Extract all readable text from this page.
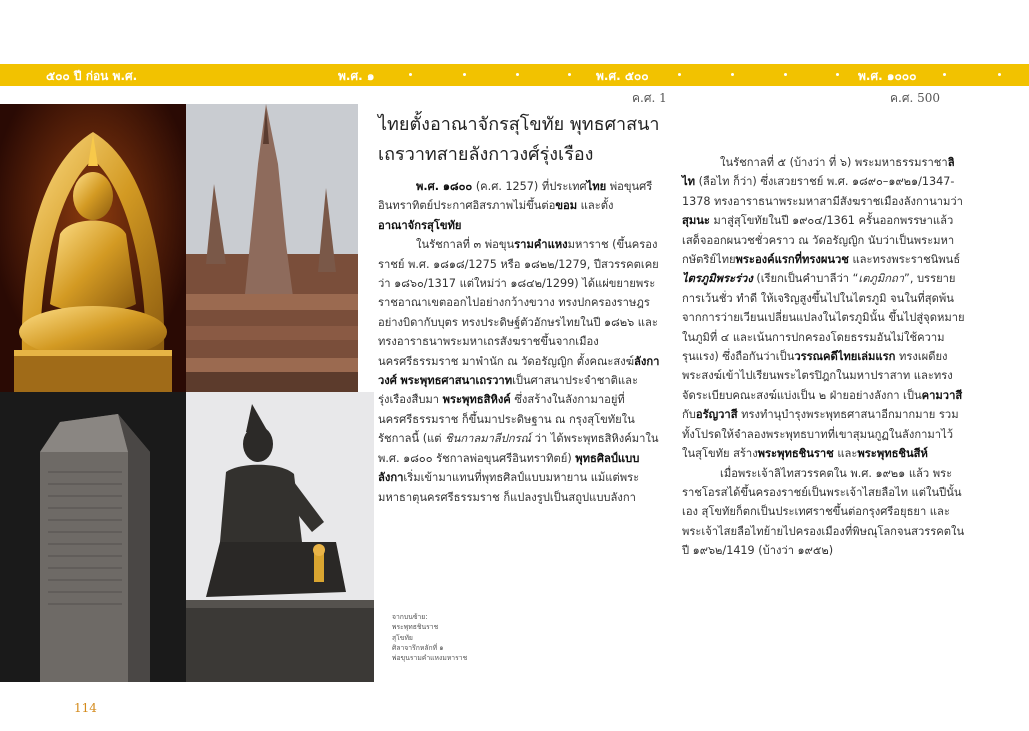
๕๐๐ ปี ก่อน พ.ศ.	พ.ศ. ๑	พ.ศ. ๕๐๐	พ.ศ. ๑๐๐๐
ค.ศ. 1	ค.ศ. 500
ไทยตั้งอาณาจักรสุโขทัย พุทธศาสนา
เถรวาทสายลังกาวงศ์รุ่งเรือง

พ.ศ. ๑๘๐๐ (ค.ศ. 1257) ที่ประเทศไทย พ่อขุนศรีอินทราทิตย์ประกาศอิสรภาพไม่ขึ้นต่อขอม และตั้งอาณาจักรสุโขทัย

ในรัชกาลที่ ๓ พ่อขุนรามคำแหงมหาราช (ขึ้นครองราชย์ พ.ศ. ๑๘๑๘/1275 หรือ ๑๘๒๒/1279, ปีสวรรคตเคยว่า ๑๘๖๐/1317 แต่ใหม่ว่า ๑๘๔๒/1299) ได้แผ่ขยายพระราชอาณาเขตออกไปอย่างกว้างขวาง ทรงปกครองราษฎรอย่างบิดากับบุตร ทรงประดิษฐ์ตัวอักษรไทยในปี ๑๘๒๖ และทรงอาราธนาพระมหาเถรสังฆราชขึ้นจากเมืองนครศรีธรรมราช มาพำนัก ณ วัดอรัญญิก ตั้งคณะสงฆ์ลังกาวงศ์ พระพุทธศาสนาเถรวาทเป็นศาสนาประจำชาติและรุ่งเรืองสืบมา พระพุทธสิหิงค์ ซึ่งสร้างในลังกามาอยู่ที่นครศรีธรรมราช ก็ขึ้นมาประดิษฐาน ณ กรุงสุโขทัยในรัชกาลนี้ (แต่ ชินกาลมาลีปกรณ์ ว่า ได้พระพุทธสิหิงค์มาใน พ.ศ. ๑๘๐๐ รัชกาลพ่อขุนศรีอินทราทิตย์) พุทธศิลป์แบบลังกาเริ่มเข้ามาแทนที่พุทธศิลป์แบบมหายาน แม้แต่พระมหาธาตุนครศรีธรรมราช ก็แปลงรูปเป็นสถูปแบบลังกา

ในรัชกาลที่ ๕ (บ้างว่า ที่ ๖) พระมหาธรรมราชาลิไท (ลือไท ก็ว่า) ซึ่งเสวยราชย์ พ.ศ. ๑๘๙๐–๑๙๒๑/1347-1378 ทรงอาราธนาพระมหาสามีสังฆราชเมืองลังกานามว่าสุมนะ มาสู่สุโขทัยในปี ๑๙๐๔/1361 ครั้นออกพรรษาแล้ว เสด็จออกผนวชชั่วคราว ณ วัดอรัญญิก นับว่าเป็นพระมหากษัตริย์ไทยพระองค์แรกที่ทรงผนวช และทรงพระราชนิพนธ์ไตรภูมิพระร่วง (เรียกเป็นคำบาลีว่า “เตภูมิกถา”, บรรยายการเว้นชั่ว ทำดี ให้เจริญสูงขึ้นไปในไตรภูมิ จนในที่สุดพ้นจากการว่ายเวียนเปลี่ยนแปลงในไตรภูมินั้น ขึ้นไปสู่จุดหมายในภูมิที่ ๔ และเน้นการปกครองโดยธรรมอันไม่ใช้ความรุนแรง) ซึ่งถือกันว่าเป็นวรรณคดีไทยเล่มแรก ทรงเผดียงพระสงฆ์เข้าไปเรียนพระไตรปิฎกในมหาปราสาท และทรงจัดระเบียบคณะสงฆ์แบ่งเป็น ๒ ฝ่ายอย่างลังกา เป็นคามวาสี กับอรัญวาสี ทรงทำนุบำรุงพระพุทธศาสนาอีกมากมาย รวมทั้งโปรดให้จำลองพระพุทธบาทที่เขาสุมนกูฏในลังกามาไว้ในสุโขทัย สร้างพระพุทธชินราช และพระพุทธชินสีห์

เมื่อพระเจ้าลิไทสวรรคตใน พ.ศ. ๑๙๒๑ แล้ว พระราชโอรสได้ขึ้นครองราชย์เป็นพระเจ้าไสยลือไท แต่ในปีนั้นเอง สุโขทัยก็ตกเป็นประเทศราชขึ้นต่อกรุงศรีอยุธยา และพระเจ้าไสยลือไทย้ายไปครองเมืองที่พิษณุโลกจนสวรรคตในปี ๑๙๖๒/1419 (บ้างว่า ๑๙๕๒)

จากบนซ้าย:
พระพุทธชินราช
สุโขทัย
ศิลาจารึกหลักที่ ๑
พ่อขุนรามคำแหงมหาราช
114
